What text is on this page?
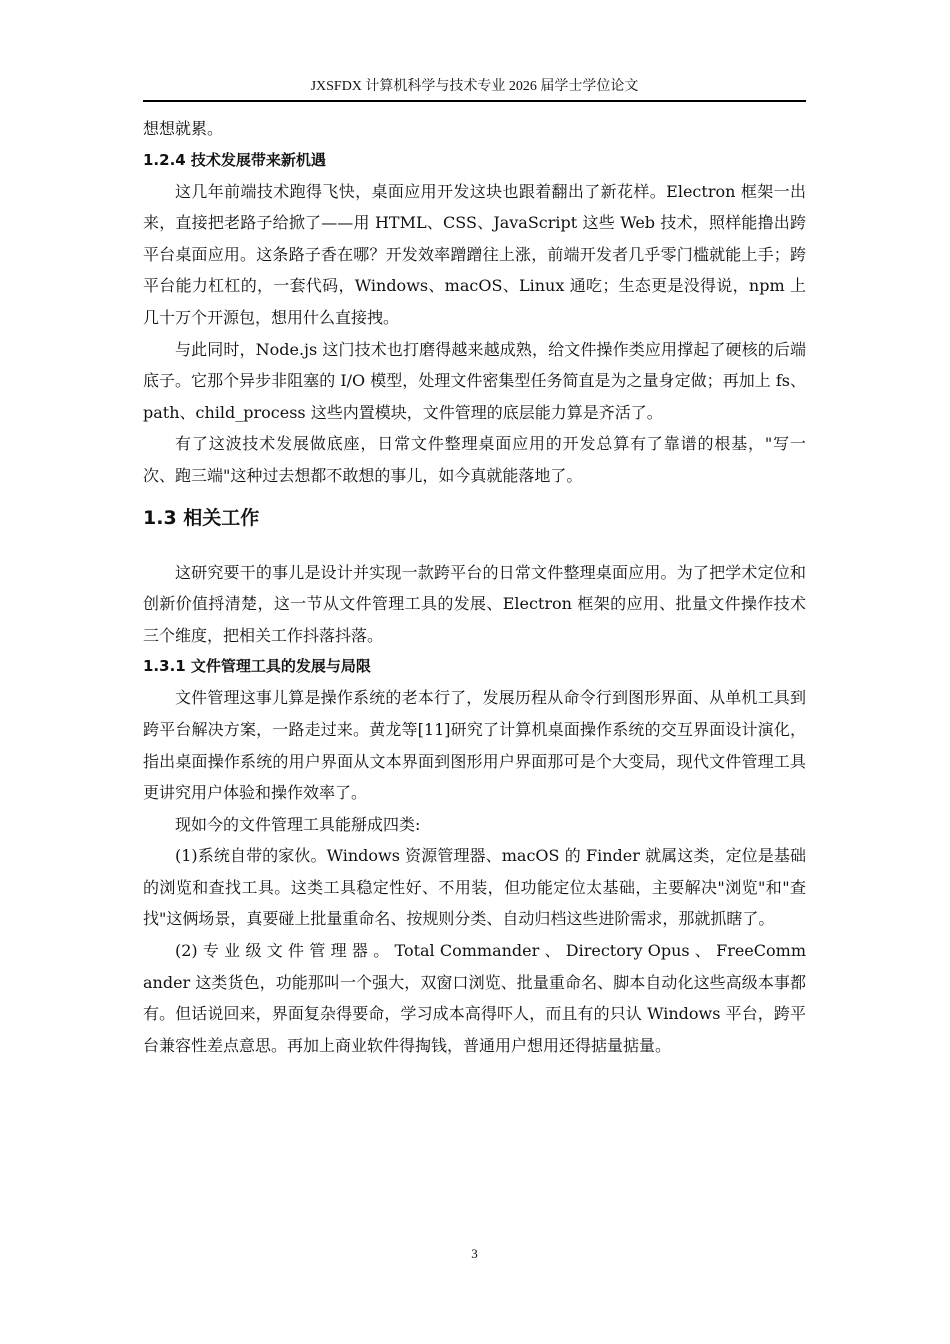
JXSFDX 计算机科学与技术专业 2026 届学士学位论文

想想就累。

1.2.4 技术发展带来新机遇

这几年前端技术跑得飞快，桌面应用开发这块也跟着翻出了新花样。Electron 框架一出来，直接把老路子给掀了——用 HTML、CSS、JavaScript 这些 Web 技术，照样能撸出跨平台桌面应用。这条路子香在哪？开发效率蹭蹭往上涨，前端开发者几乎零门槛就能上手；跨平台能力杠杠的，一套代码，Windows、macOS、Linux 通吃；生态更是没得说，npm 上几十万个开源包，想用什么直接拽。

与此同时，Node.js 这门技术也打磨得越来越成熟，给文件操作类应用撑起了硬核的后端底子。它那个异步非阻塞的 I/O 模型，处理文件密集型任务简直是为之量身定做；再加上 fs、path、child_process 这些内置模块，文件管理的底层能力算是齐活了。

有了这波技术发展做底座，日常文件整理桌面应用的开发总算有了靠谱的根基，"写一次、跑三端"这种过去想都不敢想的事儿，如今真就能落地了。

1.3 相关工作

这研究要干的事儿是设计并实现一款跨平台的日常文件整理桌面应用。为了把学术定位和创新价值捋清楚，这一节从文件管理工具的发展、Electron 框架的应用、批量文件操作技术三个维度，把相关工作抖落抖落。

1.3.1 文件管理工具的发展与局限

文件管理这事儿算是操作系统的老本行了，发展历程从命令行到图形界面、从单机工具到跨平台解决方案，一路走过来。黄龙等[11]研究了计算机桌面操作系统的交互界面设计演化，指出桌面操作系统的用户界面从文本界面到图形用户界面那可是个大变局，现代文件管理工具更讲究用户体验和操作效率了。

现如今的文件管理工具能掰成四类:

(1)系统自带的家伙。Windows 资源管理器、macOS 的 Finder 就属这类，定位是基础的浏览和查找工具。这类工具稳定性好、不用装，但功能定位太基础，主要解决"浏览"和"查找"这俩场景，真要碰上批量重命名、按规则分类、自动归档这些进阶需求，那就抓瞎了。

(2) 专 业 级 文 件 管 理 器 。 Total Commander 、 Directory Opus 、 FreeCommander 这类货色，功能那叫一个强大，双窗口浏览、批量重命名、脚本自动化这些高级本事都有。但话说回来，界面复杂得要命，学习成本高得吓人，而且有的只认 Windows 平台，跨平台兼容性差点意思。再加上商业软件得掏钱，普通用户想用还得掂量掂量。

3
